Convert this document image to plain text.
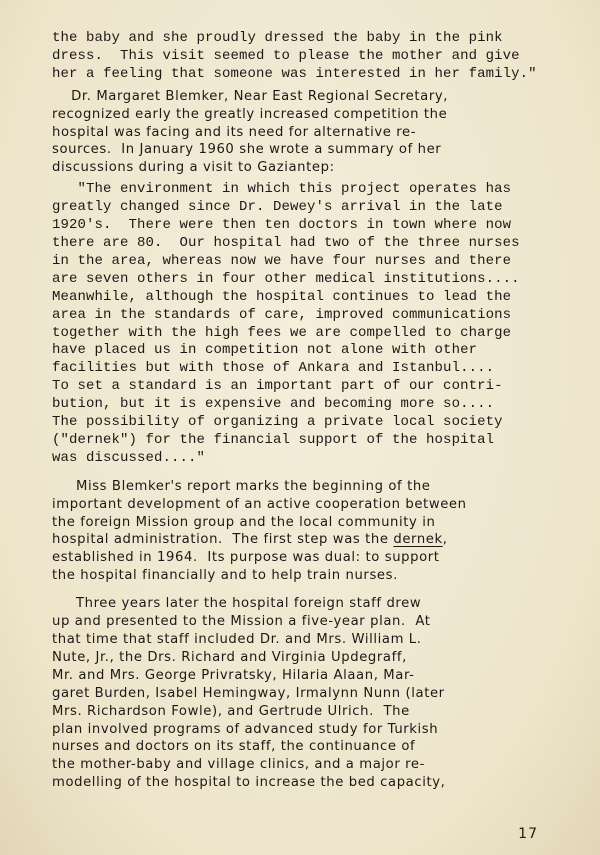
the baby and she proudly dressed the baby in the pink
dress.  This visit seemed to please the mother and give
her a feeling that someone was interested in her family."
Dr. Margaret Blemker, Near East Regional Secretary,
recognized early the greatly increased competition the
hospital was facing and its need for alternative re-
sources.  In January 1960 she wrote a summary of her
discussions during a visit to Gaziantep:
"The environment in which this project operates has
greatly changed since Dr. Dewey's arrival in the late
1920's.  There were then ten doctors in town where now
there are 80.  Our hospital had two of the three nurses
in the area, whereas now we have four nurses and there
are seven others in four other medical institutions....
Meanwhile, although the hospital continues to lead the
area in the standards of care, improved communications
together with the high fees we are compelled to charge
have placed us in competition not alone with other
facilities but with those of Ankara and Istanbul....
To set a standard is an important part of our contri-
bution, but it is expensive and becoming more so....
The possibility of organizing a private local society
("dernek") for the financial support of the hospital
was discussed...."
Miss Blemker's report marks the beginning of the
important development of an active cooperation between
the foreign Mission group and the local community in
hospital administration.  The first step was the dernek,
established in 1964.  Its purpose was dual: to support
the hospital financially and to help train nurses.
Three years later the hospital foreign staff drew
up and presented to the Mission a five-year plan.  At
that time that staff included Dr. and Mrs. William L.
Nute, Jr., the Drs. Richard and Virginia Updegraff,
Mr. and Mrs. George Privratsky, Hilaria Alaan, Mar-
garet Burden, Isabel Hemingway, Irmalynn Nunn (later
Mrs. Richardson Fowle), and Gertrude Ulrich.  The
plan involved programs of advanced study for Turkish
nurses and doctors on its staff, the continuance of
the mother-baby and village clinics, and a major re-
modelling of the hospital to increase the bed capacity,
17
